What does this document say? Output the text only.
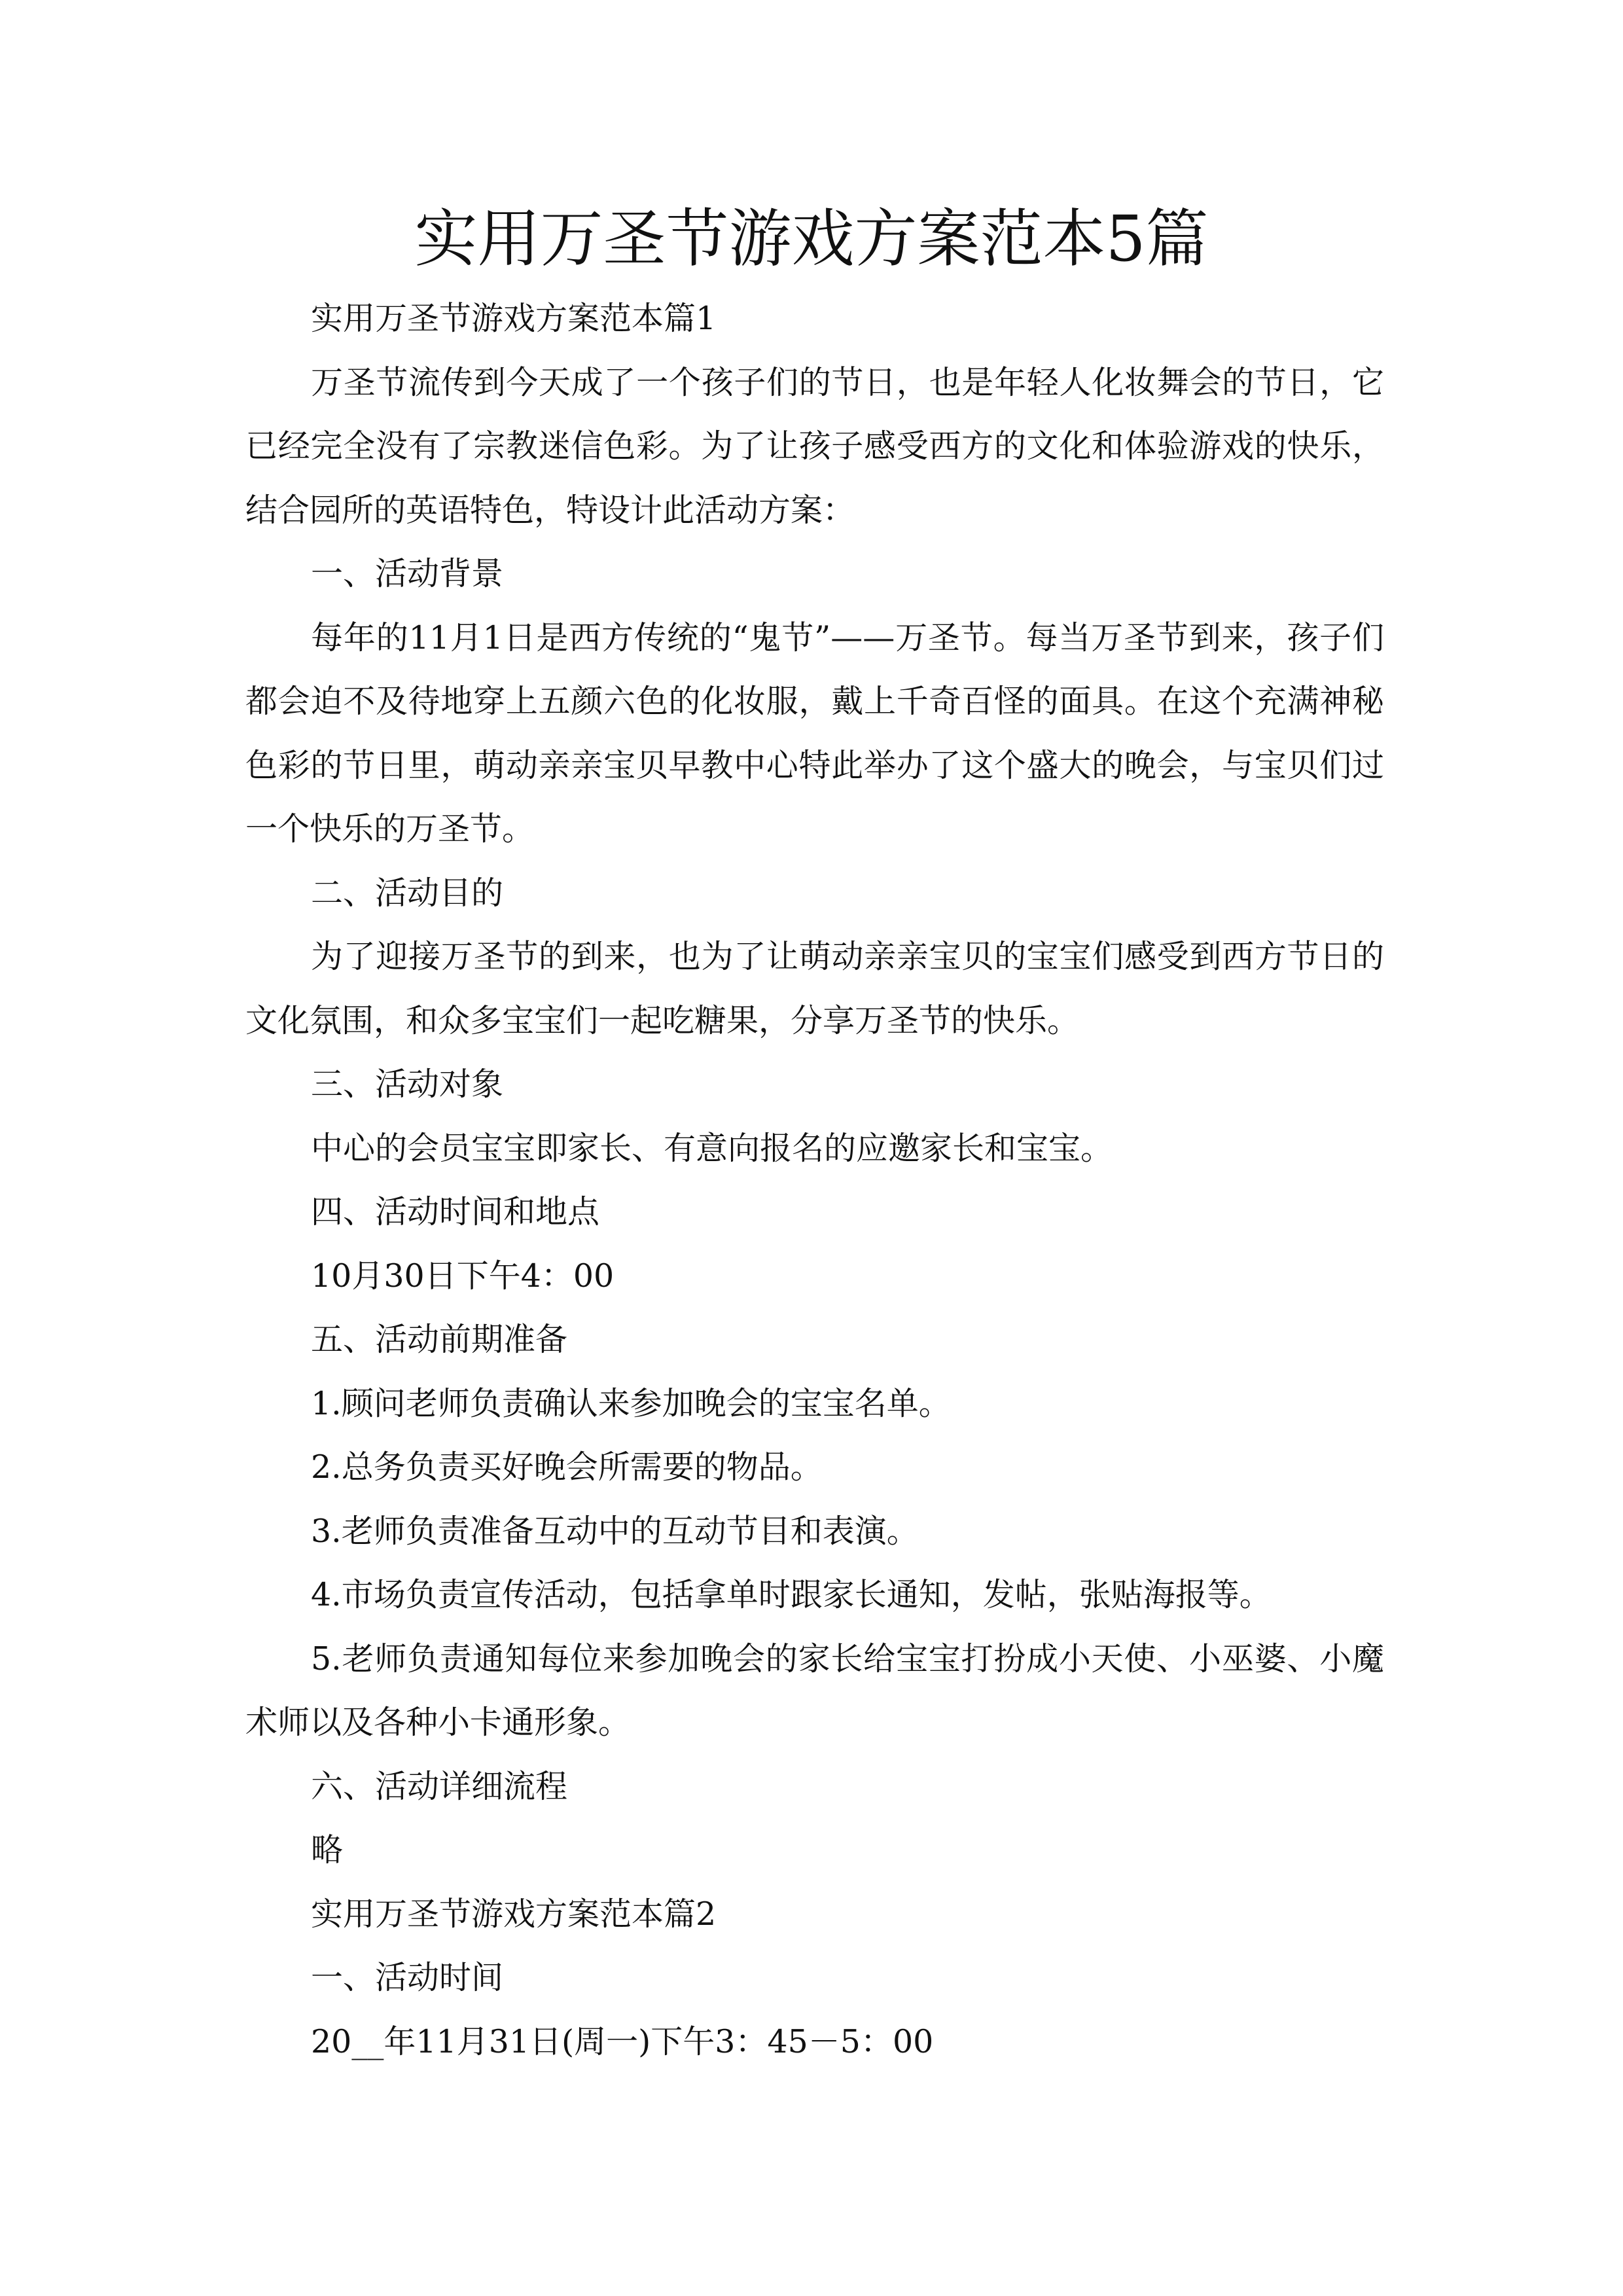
实用万圣节游戏方案范本5篇

实用万圣节游戏方案范本篇1

万圣节流传到今天成了一个孩子们的节日，也是年轻人化妆舞会的节日，它已经完全没有了宗教迷信色彩。为了让孩子感受西方的文化和体验游戏的快乐，结合园所的英语特色，特设计此活动方案：

一、活动背景

每年的11月1日是西方传统的“鬼节”——万圣节。每当万圣节到来，孩子们都会迫不及待地穿上五颜六色的化妆服，戴上千奇百怪的面具。在这个充满神秘色彩的节日里，萌动亲亲宝贝早教中心特此举办了这个盛大的晚会，与宝贝们过一个快乐的万圣节。

二、活动目的

为了迎接万圣节的到来，也为了让萌动亲亲宝贝的宝宝们感受到西方节日的文化氛围，和众多宝宝们一起吃糖果，分享万圣节的快乐。

三、活动对象

中心的会员宝宝即家长、有意向报名的应邀家长和宝宝。

四、活动时间和地点

10月30日下午4：00

五、活动前期准备

1.顾问老师负责确认来参加晚会的宝宝名单。

2.总务负责买好晚会所需要的物品。

3.老师负责准备互动中的互动节目和表演。

4.市场负责宣传活动，包括拿单时跟家长通知，发帖，张贴海报等。

5.老师负责通知每位来参加晚会的家长给宝宝打扮成小天使、小巫婆、小魔术师以及各种小卡通形象。

六、活动详细流程

略

实用万圣节游戏方案范本篇2

一、活动时间

20__年11月31日(周一)下午3：45－5：00
